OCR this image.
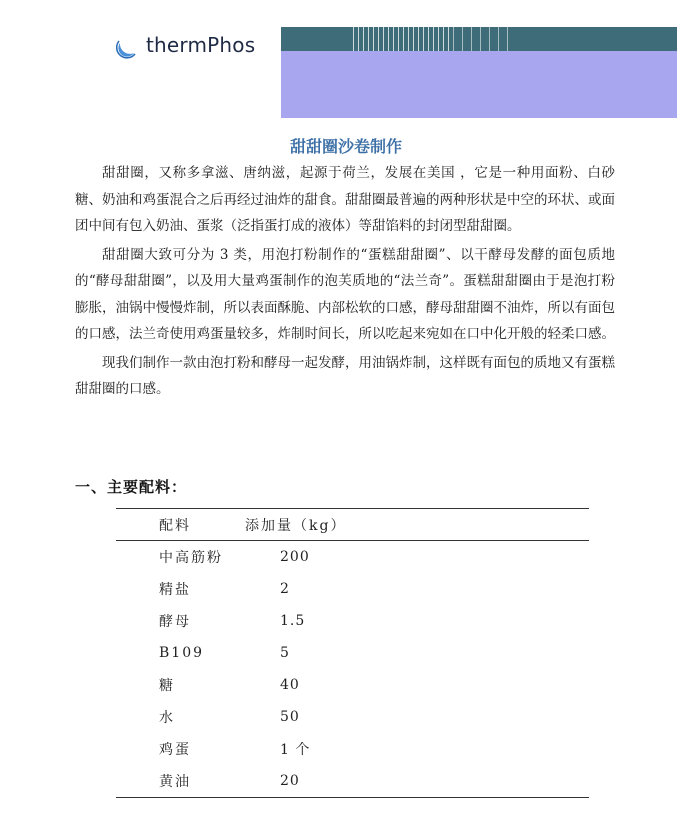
thermPhos
甜甜圈沙卷制作

甜甜圈，又称多拿滋、唐纳滋，起源于荷兰，发展在美国 ，它是一种用面粉、白砂糖、奶油和鸡蛋混合之后再经过油炸的甜食。甜甜圈最普遍的两种形状是中空的环状、或面团中间有包入奶油、蛋浆（泛指蛋打成的液体）等甜馅料的封闭型甜甜圈。

甜甜圈大致可分为 3 类，用泡打粉制作的“蛋糕甜甜圈”、以干酵母发酵的面包质地的“酵母甜甜圈”，以及用大量鸡蛋制作的泡芙质地的“法兰奇”。蛋糕甜甜圈由于是泡打粉膨胀，油锅中慢慢炸制，所以表面酥脆、内部松软的口感，酵母甜甜圈不油炸，所以有面包的口感，法兰奇使用鸡蛋量较多，炸制时间长，所以吃起来宛如在口中化开般的轻柔口感。

现我们制作一款由泡打粉和酵母一起发酵，用油锅炸制，这样既有面包的质地又有蛋糕甜甜圈的口感。

一、主要配料：
配料	添加量（kg）
中高筋粉	200
精盐	2
酵母	1.5
B109	5
糖	40
水	50
鸡蛋	1 个
黄油	20
